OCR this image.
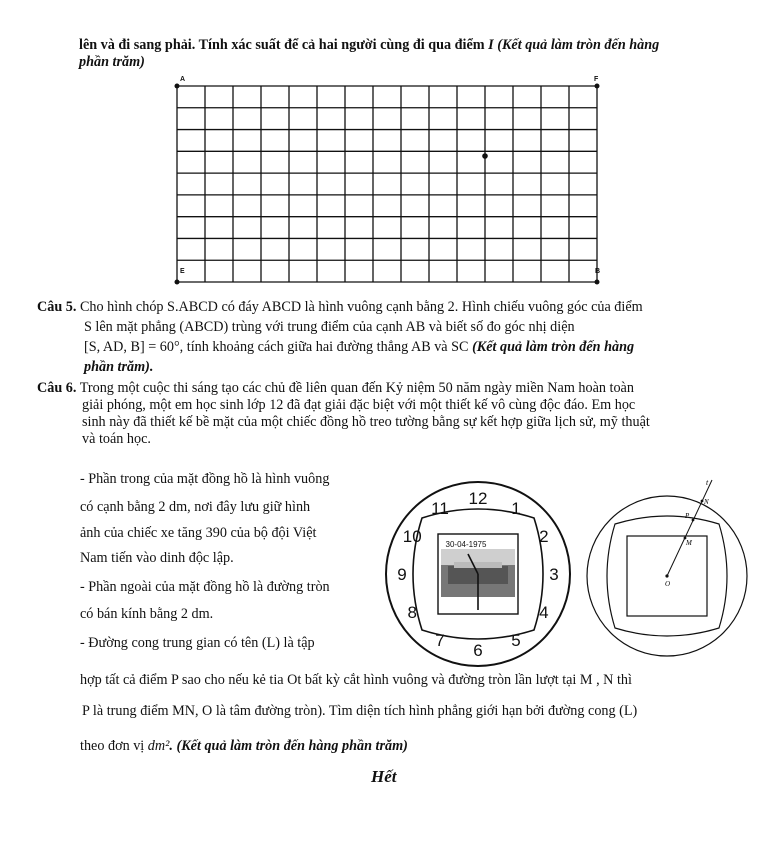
lên và đi sang phải. Tính xác suất để cả hai người cùng đi qua điểm I (Kết quả làm tròn đến hàng
phần trăm)
A	F
I
E	B
Câu 5. Cho hình chóp S.ABCD có đáy ABCD là hình vuông cạnh bằng 2. Hình chiếu vuông góc của điểm
S lên mặt phẳng (ABCD) trùng với trung điểm của cạnh AB và biết số đo góc nhị diện
[S, AD, B] = 60°, tính khoảng cách giữa hai đường thẳng AB và SC (Kết quả làm tròn đến hàng
phần trăm).
Câu 6. Trong một cuộc thi sáng tạo các chủ đề liên quan đến Kỷ niệm 50 năm ngày miền Nam hoàn toàn
giải phóng, một em học sinh lớp 12 đã đạt giải đặc biệt với một thiết kế vô cùng độc đáo. Em học
sinh này đã thiết kế bề mặt của một chiếc đồng hồ treo tường bằng sự kết hợp giữa lịch sử, mỹ thuật
và toán học.
- Phần trong của mặt đồng hồ là hình vuông
có cạnh bằng 2 dm, nơi đây lưu giữ hình
ảnh của chiếc xe tăng 390 của bộ đội Việt
Nam tiến vào dinh độc lập.
- Phần ngoài của mặt đồng hồ là đường tròn
có bán kính bằng 2 dm.
- Đường cong trung gian có tên (L) là tập
hợp tất cả điểm P sao cho nếu kẻ tia Ot bất kỳ cắt hình vuông và đường tròn lần lượt tại M , N thì
P là trung điểm MN, O là tâm đường tròn). Tìm diện tích hình phẳng giới hạn bởi đường cong (L)
theo đơn vị dm². (Kết quả làm tròn đến hàng phần trăm)
30-04-1975
12
1
2
3
4
5
6
7
8
9
10
11
t
N
P
M
O
Hết
